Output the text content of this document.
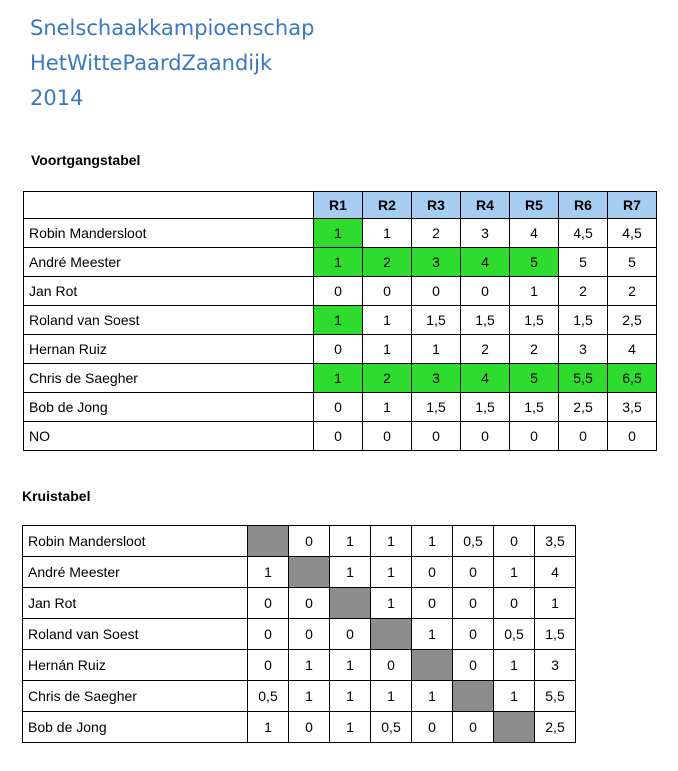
Snelschaakkampioenschap
HetWittePaardZaandijk
2014
Voortgangstabel
	R1	R2	R3	R4	R5	R6	R7
Robin Mandersloot	1	1	2	3	4	4,5	4,5
André Meester	1	2	3	4	5	5	5
Jan Rot	0	0	0	0	1	2	2
Roland van Soest	1	1	1,5	1,5	1,5	1,5	2,5
Hernan Ruiz	0	1	1	2	2	3	4
Chris de Saegher	1	2	3	4	5	5,5	6,5
Bob de Jong	0	1	1,5	1,5	1,5	2,5	3,5
NO	0	0	0	0	0	0	0
Kruistabel
Robin Mandersloot		0	1	1	1	0,5	0	3,5
André Meester	1		1	1	0	0	1	4
Jan Rot	0	0		1	0	0	0	1
Roland van Soest	0	0	0		1	0	0,5	1,5
Hernán Ruiz	0	1	1	0		0	1	3
Chris de Saegher	0,5	1	1	1	1		1	5,5
Bob de Jong	1	0	1	0,5	0	0		2,5
